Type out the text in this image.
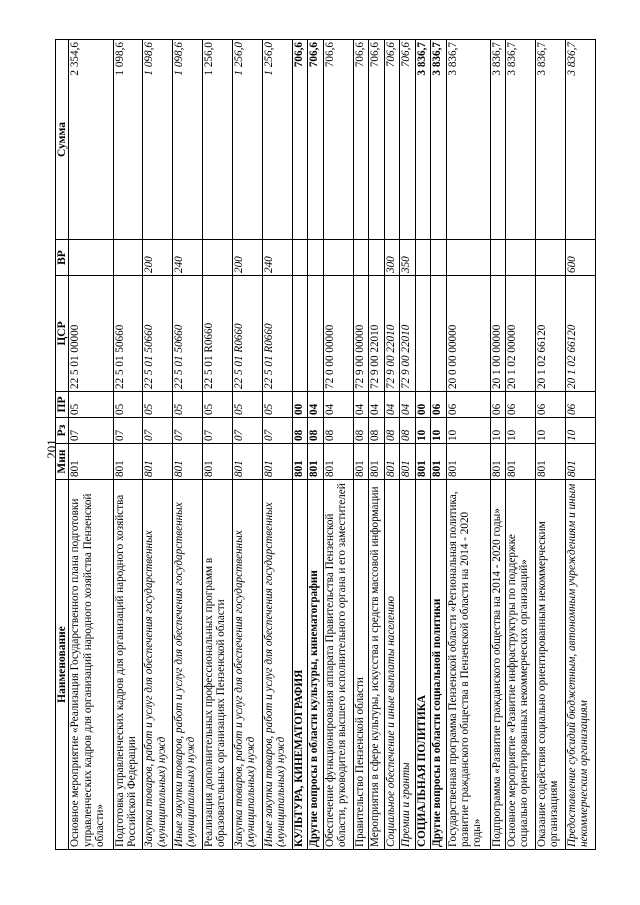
201
Наименование	Мин	Рз	ПР	ЦСР	ВР	Сумма
Основное мероприятие «Реализация Государственного плана подготовки управленческих кадров для организаций народного хозяйства Пензенской области»	801	07	05	22 5 01 00000		2 354,6
Подготовка управленческих кадров для организаций народного хозяйства Российской Федерации	801	07	05	22 5 01 50660		1 098,6
Закупка товаров, работ и услуг для обеспечения государственных (муниципальных) нужд	801	07	05	22 5 01 50660	200	1 098,6
Иные закупки товаров, работ и услуг для обеспечения государственных (муниципальных) нужд	801	07	05	22 5 01 50660	240	1 098,6
Реализация дополнительных профессиональных программ в образовательных организациях Пензенской области	801	07	05	22 5 01 R0660		1 256,0
Закупка товаров, работ и услуг для обеспечения государственных (муниципальных) нужд	801	07	05	22 5 01 R0660	200	1 256,0
Иные закупки товаров, работ и услуг для обеспечения государственных (муниципальных) нужд	801	07	05	22 5 01 R0660	240	1 256,0
КУЛЬТУРА, КИНЕМАТОГРАФИЯ	801	08	00			706,6
Другие вопросы в области культуры, кинематографии	801	08	04			706,6
Обеспечение функционирования аппарата Правительства Пензенской области, руководителя высшего исполнительного органа и его заместителей	801	08	04	72 0 00 00000		706,6
Правительство Пензенской области	801	08	04	72 9 00 00000		706,6
Мероприятия в сфере культуры, искусства и средств массовой информации	801	08	04	72 9 00 22010		706,6
Социальное обеспечение и иные выплаты населению	801	08	04	72 9 00 22010	300	706,6
Премии и гранты	801	08	04	72 9 00 22010	350	706,6
СОЦИАЛЬНАЯ ПОЛИТИКА	801	10	00			3 836,7
Другие вопросы в области социальной политики	801	10	06			3 836,7
Государственная программа Пензенской области «Региональная политика, развитие гражданского общества в Пензенской области на 2014 - 2020 годы»	801	10	06	20 0 00 00000		3 836,7
Подпрограмма «Развитие гражданского общества на 2014 - 2020 годы»	801	10	06	20 1 00 00000		3 836,7
Основное мероприятие «Развитие инфраструктуры по поддержке социально ориентированных некоммерческих организаций»	801	10	06	20 1 02 00000		3 836,7
Оказание содействия социально ориентированным некоммерческим организациям	801	10	06	20 1 02 66120		3 836,7
Предоставление субсидий бюджетным, автономным учреждениям и иным некоммерческим организациям	801	10	06	20 1 02 66120	600	3 836,7
